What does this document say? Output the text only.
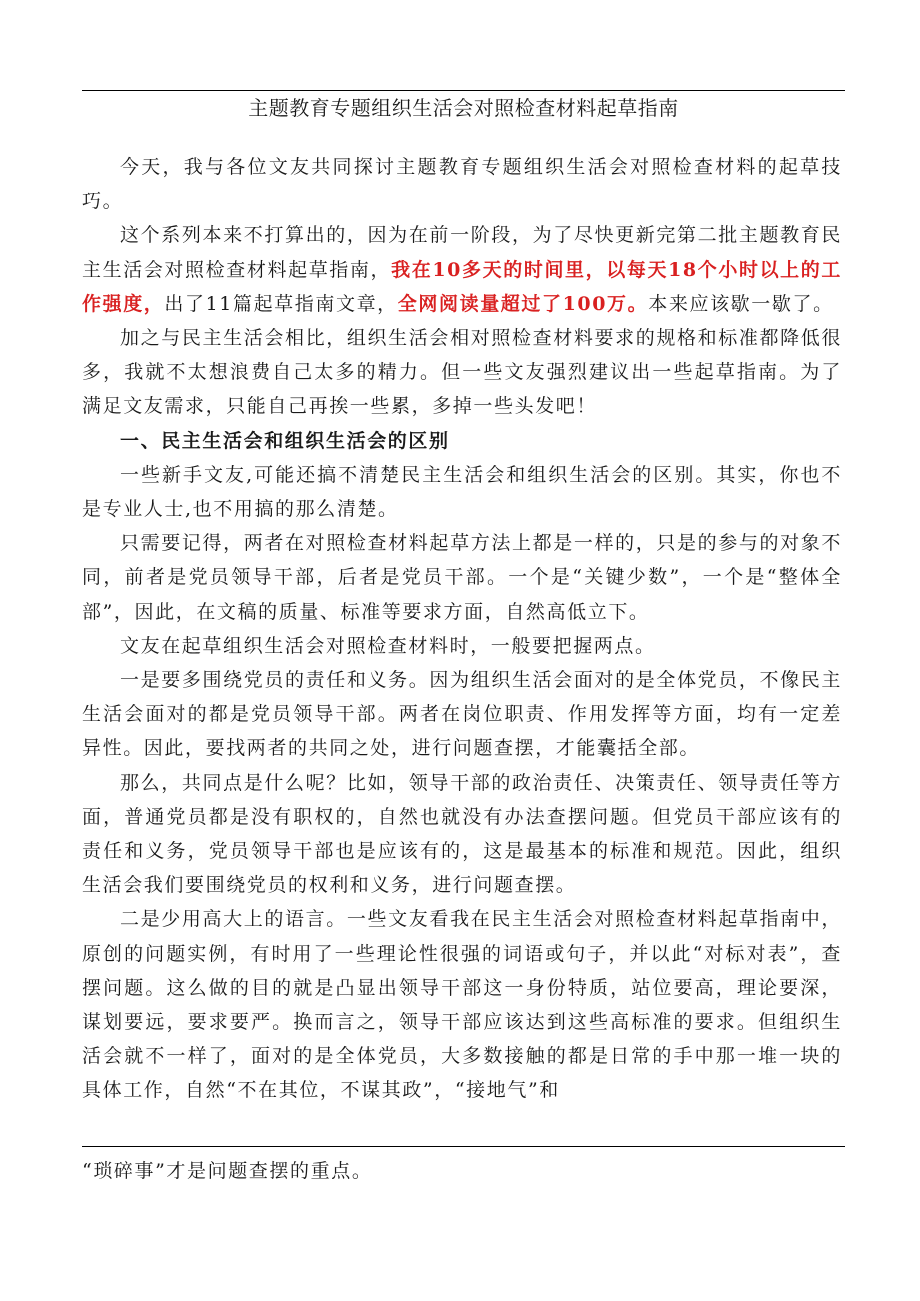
主题教育专题组织生活会对照检查材料起草指南

今天，我与各位文友共同探讨主题教育专题组织生活会对照检查材料的起草技巧。

这个系列本来不打算出的，因为在前一阶段，为了尽快更新完第二批主题教育民主生活会对照检查材料起草指南，我在10多天的时间里，以每天18个小时以上的工作强度，出了11篇起草指南文章，全网阅读量超过了100万。本来应该歇一歇了。

加之与民主生活会相比，组织生活会相对照检查材料要求的规格和标准都降低很多，我就不太想浪费自己太多的精力。但一些文友强烈建议出一些起草指南。为了满足文友需求，只能自己再挨一些累，多掉一些头发吧！

一、民主生活会和组织生活会的区别

一些新手文友,可能还搞不清楚民主生活会和组织生活会的区别。其实，你也不是专业人士,也不用搞的那么清楚。

只需要记得，两者在对照检查材料起草方法上都是一样的，只是的参与的对象不同，前者是党员领导干部，后者是党员干部。一个是“关键少数”，一个是“整体全部”，因此，在文稿的质量、标准等要求方面，自然高低立下。

文友在起草组织生活会对照检查材料时，一般要把握两点。

一是要多围绕党员的责任和义务。因为组织生活会面对的是全体党员，不像民主生活会面对的都是党员领导干部。两者在岗位职责、作用发挥等方面，均有一定差异性。因此，要找两者的共同之处，进行问题查摆，才能囊括全部。

那么，共同点是什么呢？比如，领导干部的政治责任、决策责任、领导责任等方面，普通党员都是没有职权的，自然也就没有办法查摆问题。但党员干部应该有的责任和义务，党员领导干部也是应该有的，这是最基本的标准和规范。因此，组织生活会我们要围绕党员的权利和义务，进行问题查摆。

二是少用高大上的语言。一些文友看我在民主生活会对照检查材料起草指南中，原创的问题实例，有时用了一些理论性很强的词语或句子，并以此“对标对表”，查摆问题。这么做的目的就是凸显出领导干部这一身份特质，站位要高，理论要深，谋划要远，要求要严。换而言之，领导干部应该达到这些高标准的要求。但组织生活会就不一样了，面对的是全体党员，大多数接触的都是日常的手中那一堆一块的具体工作，自然“不在其位，不谋其政”，“接地气”和

“琐碎事”才是问题查摆的重点。
